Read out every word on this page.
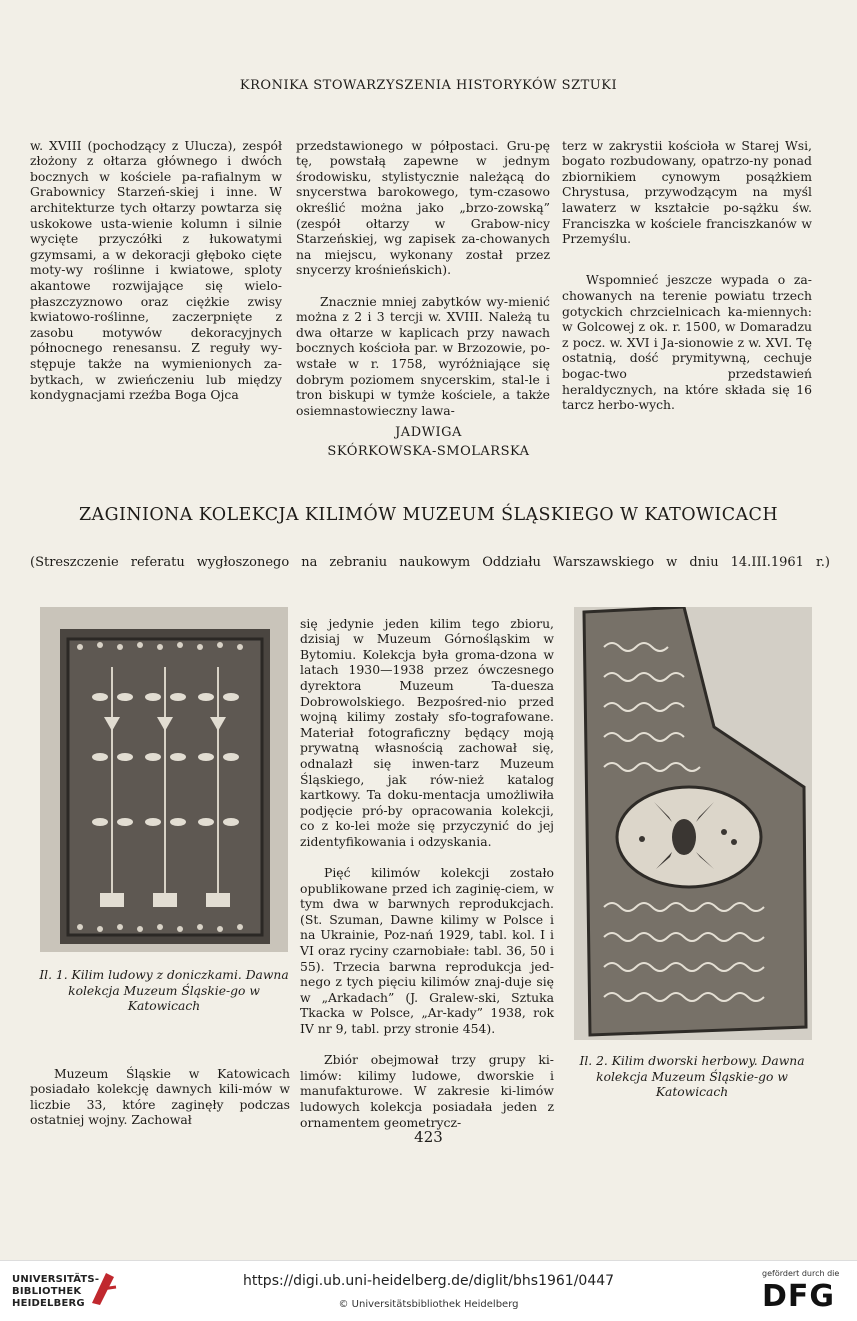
KRONIKA STOWARZYSZENIA HISTORYKÓW SZTUKI

w. XVIII (pochodzący z Ulucza), zespół złożony z ołtarza głównego i dwóch bocznych w kościele pa-rafialnym w Grabownicy Starzeń-skiej i inne. W architekturze tych ołtarzy powtarza się uskokowe usta-wienie kolumn i silnie wycięte przyczółki z łukowatymi gzymsami, a w dekoracji głęboko cięte moty-wy roślinne i kwiatowe, sploty akantowe rozwijające się wielo-płaszczyznowo oraz ciężkie zwisy kwiatowo-roślinne, zaczerpnięte z zasobu motywów dekoracyjnych północnego renesansu. Z reguły wy-stępuje także na wymienionych za-bytkach, w zwieńczeniu lub między kondygnacjami rzeźba Boga Ojca

przedstawionego w półpostaci. Gru-pę tę, powstałą zapewne w jednym środowisku, stylistycznie należącą do snycerstwa barokowego, tym-czasowo określić można jako „brzo-zowską” (zespół ołtarzy w Grabow-nicy Starzeńskiej, wg zapisek za-chowanych na miejscu, wykonany został przez snycerzy krośnieńskich).

Znacznie mniej zabytków wy-mienić można z 2 i 3 tercji w. XVIII. Należą tu dwa ołtarze w kaplicach przy nawach bocznych kościoła par. w Brzozowie, po-wstałe w r. 1758, wyróżniające się dobrym poziomem snycerskim, stal-le i tron biskupi w tymże kościele, a także osiemnastowieczny lawa-

terz w zakrystii kościoła w Starej Wsi, bogato rozbudowany, opatrzo-ny ponad zbiornikiem cynowym posążkiem Chrystusa, przywodzącym na myśl lawaterz w kształcie po-sążku św. Franciszka w kościele franciszkanów w Przemyślu.

Wspomnieć jeszcze wypada o za-chowanych na terenie powiatu trzech gotyckich chrzcielnicach ka-miennych: w Golcowej z ok. r. 1500, w Domaradzu z pocz. w. XVI i Ja-sionowie z w. XVI. Tę ostatnią, dość prymitywną, cechuje bogac-two przedstawień heraldycznych, na które składa się 16 tarcz herbo-wych.

JADWIGA
SKÓRKOWSKA-SMOLARSKA
ZAGINIONA KOLEKCJA KILIMÓW MUZEUM ŚLĄSKIEGO W KATOWICACH
(Streszczenie referatu wygłoszonego na zebraniu naukowym Oddziału Warszawskiego w dniu 14.III.1961 r.)
Il. 1. Kilim ludowy z doniczkami. Dawna kolekcja Muzeum Śląskie-go w Katowicach
Il. 2. Kilim dworski herbowy. Dawna kolekcja Muzeum Śląskie-go w Katowicach

Muzeum Śląskie w Katowicach posiadało kolekcję dawnych kili-mów w liczbie 33, które zaginęły podczas ostatniej wojny. Zachował

się jedynie jeden kilim tego zbioru, dzisiaj w Muzeum Górnośląskim w Bytomiu. Kolekcja była groma-dzona w latach 1930—1938 przez ówczesnego dyrektora Muzeum Ta-duesza Dobrowolskiego. Bezpośred-nio przed wojną kilimy zostały sfo-tografowane. Materiał fotograficzny będący moją prywatną własnością zachował się, odnalazł się inwen-tarz Muzeum Śląskiego, jak rów-nież katalog kartkowy. Ta doku-mentacja umożliwiła podjęcie pró-by opracowania kolekcji, co z ko-lei może się przyczynić do jej zidentyfikowania i odzyskania.

Pięć kilimów kolekcji zostało opublikowane przed ich zaginię-ciem, w tym dwa w barwnych reprodukcjach. (St. Szuman, Dawne kilimy w Polsce i na Ukrainie, Poz-nań 1929, tabl. kol. I i VI oraz ryciny czarnobiałe: tabl. 36, 50 i 55). Trzecia barwna reprodukcja jed-nego z tych pięciu kilimów znaj-duje się w „Arkadach” (J. Gralew-ski, Sztuka Tkacka w Polsce, „Ar-kady” 1938, rok IV nr 9, tabl. przy stronie 454).

Zbiór obejmował trzy grupy ki-limów: kilimy ludowe, dworskie i manufakturowe. W zakresie ki-limów ludowych kolekcja posiadała jeden z ornamentem geometrycz-

423
UNIVERSITÄTS-
BIBLIOTHEK
HEIDELBERG
https://digi.ub.uni-heidelberg.de/diglit/bhs1961/0447
© Universitätsbibliothek Heidelberg
gefördert durch die
DFG
